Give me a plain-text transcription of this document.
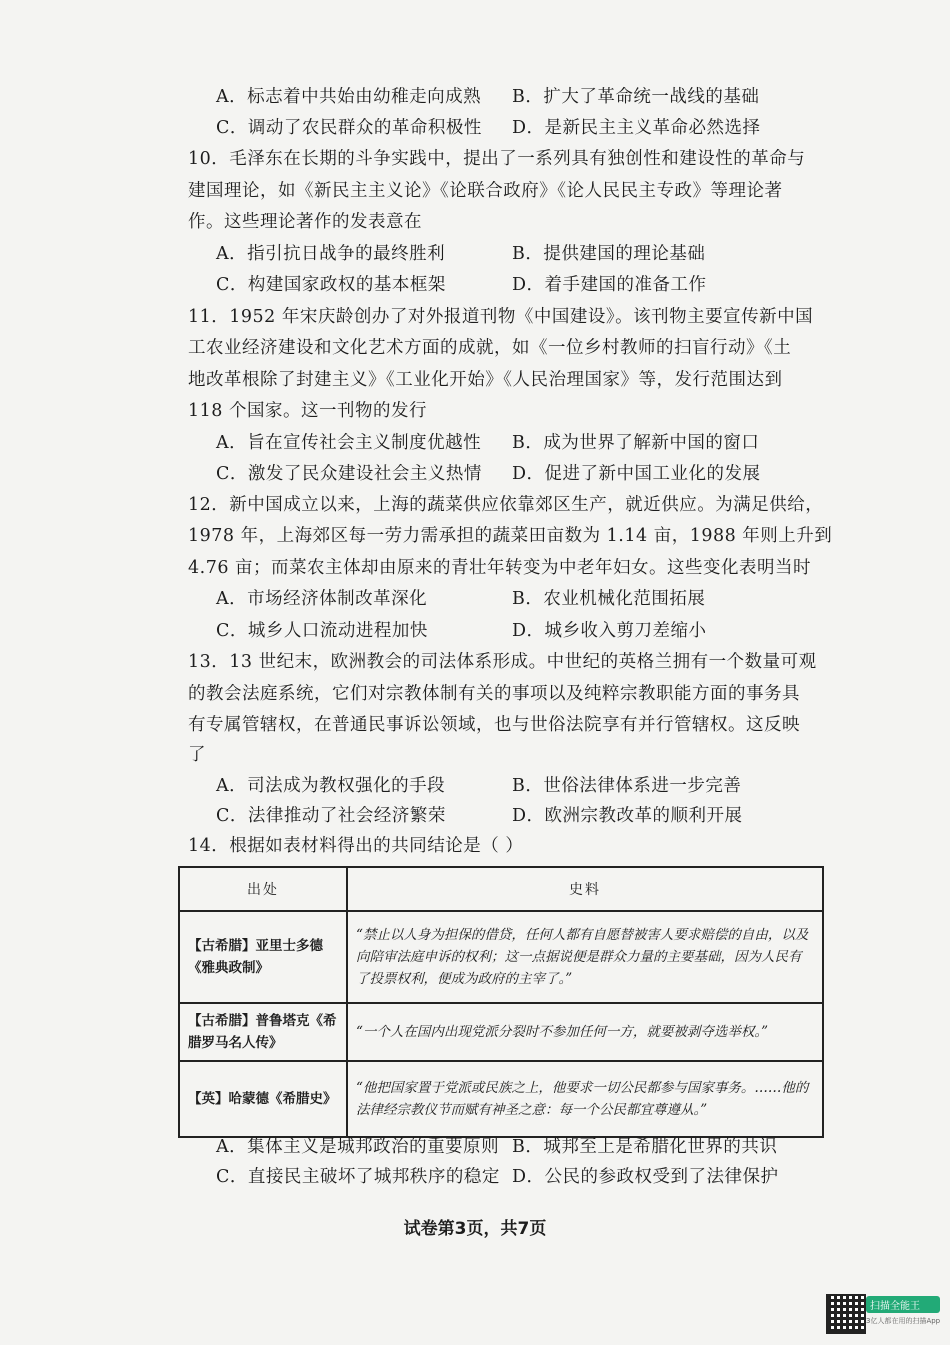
A．标志着中共始由幼稚走向成熟 B．扩大了革命统一战线的基础
C．调动了农民群众的革命积极性 D．是新民主主义革命必然选择
10．毛泽东在长期的斗争实践中，提出了一系列具有独创性和建设性的革命与
建国理论，如《新民主主义论》《论联合政府》《论人民民主专政》等理论著
作。这些理论著作的发表意在
A．指引抗日战争的最终胜利	B．提供建国的理论基础
C．构建国家政权的基本框架	D．着手建国的准备工作
11．1952 年宋庆龄创办了对外报道刊物《中国建设》。该刊物主要宣传新中国
工农业经济建设和文化艺术方面的成就，如《一位乡村教师的扫盲行动》《土
地改革根除了封建主义》《工业化开始》《人民治理国家》等，发行范围达到
118 个国家。这一刊物的发行
A．旨在宣传社会主义制度优越性 B．成为世界了解新中国的窗口
C．激发了民众建设社会主义热情 D．促进了新中国工业化的发展
12．新中国成立以来，上海的蔬菜供应依靠郊区生产，就近供应。为满足供给，
1978 年，上海郊区每一劳力需承担的蔬菜田亩数为 1.14 亩，1988 年则上升到
4.76 亩；而菜农主体却由原来的青壮年转变为中老年妇女。这些变化表明当时
A．市场经济体制改革深化	B．农业机械化范围拓展
C．城乡人口流动进程加快	D．城乡收入剪刀差缩小
13．13 世纪末，欧洲教会的司法体系形成。中世纪的英格兰拥有一个数量可观
的教会法庭系统，它们对宗教体制有关的事项以及纯粹宗教职能方面的事务具
有专属管辖权，在普通民事诉讼领域，也与世俗法院享有并行管辖权。这反映
了
A．司法成为教权强化的手段	B．世俗法律体系进一步完善
C．法律推动了社会经济繁荣	D．欧洲宗教改革的顺利开展
14．根据如表材料得出的共同结论是（ ）
出处	史料
【古希腊】亚里士多德《雅典政制》	“禁止以人身为担保的借贷，任何人都有自愿替被害人要求赔偿的自由，以及向陪审法庭申诉的权利；这一点据说便是群众力量的主要基础，因为人民有了投票权利，便成为政府的主宰了。”
【古希腊】普鲁塔克《希腊罗马名人传》	“一个人在国内出现党派分裂时不参加任何一方，就要被剥夺选举权。”
【英】哈蒙德《希腊史》	“他把国家置于党派或民族之上，他要求一切公民都参与国家事务。……他的法律经宗教仪节而赋有神圣之意：每一个公民都宜尊遵从。”
A．集体主义是城邦政治的重要原则 B．城邦至上是希腊化世界的共识
C．直接民主破坏了城邦秩序的稳定 D．公民的参政权受到了法律保护
试卷第3页，共7页
扫描全能王
3亿人都在用的扫描App
